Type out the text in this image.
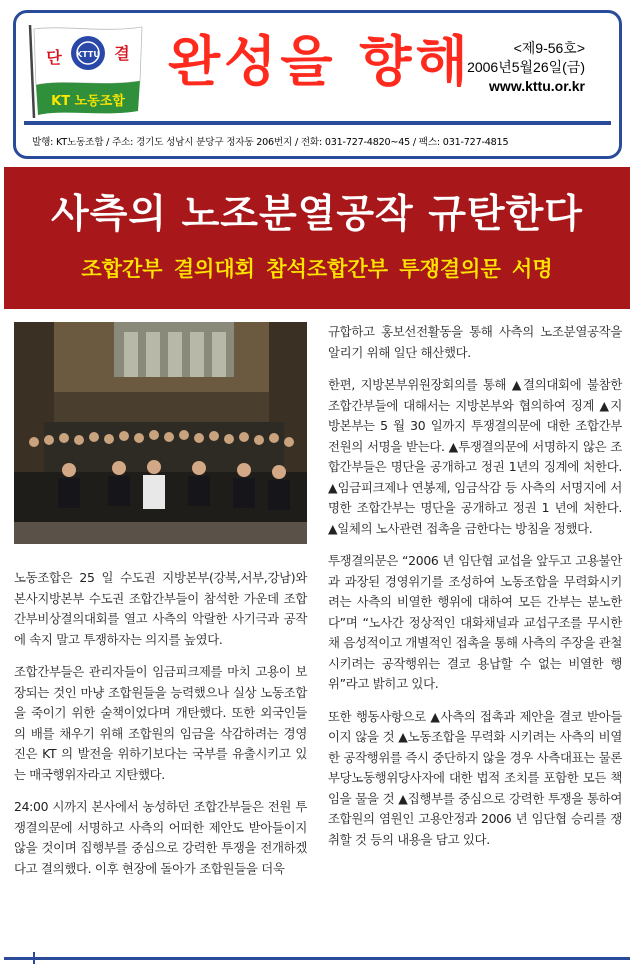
KTTU
단	결
KT 노동조합
완성을 향해	<제9-56호>
2006년5월26일(금)
www.kttu.or.kr
발행: KT노동조합 / 주소: 경기도 성남시 분당구 정자동 206번지 / 전화: 031-727-4820~45 / 팩스: 031-727-4815
사측의 노조분열공작 규탄한다
조합간부 결의대회 참석조합간부 투쟁결의문 서명

노동조합은 25 일 수도권 지방본부(강북,서부,강남)와 본사지방본부 수도권 조합간부들이 참석한 가운데 조합간부비상결의대회를 열고 사측의 악랄한 사기극과 공작에 속지 말고 투쟁하자는 의지를 높였다.

조합간부들은 관리자들이 임금피크제를 마치 고용이 보장되는 것인 마냥 조합원들을 능력했으나 실상 노동조합을 죽이기 위한 술책이었다며 개탄했다. 또한 외국인들의 배를 채우기 위해 조합원의 임금을 삭감하려는 경영진은 KT 의 발전을 위하기보다는 국부를 유출시키고 있는 매국행위자라고 지탄했다.

24:00 시까지 본사에서 농성하던 조합간부들은 전원 투쟁결의문에 서명하고 사측의 어떠한 제안도 받아들이지 않을 것이며 집행부를 중심으로 강력한 투쟁을 전개하겠다고 결의했다. 이후 현장에 돌아가 조합원들을 더욱

규합하고 홍보선전활동을 통해 사측의 노조분열공작을 알리기 위해 일단 해산했다.

한편, 지방본부위원장회의를 통해 ▲결의대회에 불참한 조합간부들에 대해서는 지방본부와 협의하여 징계 ▲지방본부는 5 월 30 일까지 투쟁결의문에 대한 조합간부 전원의 서명을 받는다. ▲투쟁결의문에 서명하지 않은 조합간부들은 명단을 공개하고 정권 1년의 징계에 처한다. ▲임금피크제나 연봉제, 임금삭감 등 사측의 서명지에 서명한 조합간부는 명단을 공개하고 정권 1 년에 처한다. ▲일체의 노사관련 접촉을 금한다는 방침을 정했다.

투쟁결의문은 “2006 년 임단협 교섭을 앞두고 고용불안과 과장된 경영위기를 조성하여 노동조합을 무력화시키려는 사측의 비열한 행위에 대하여 모든 간부는 분노한다”며 “노사간 정상적인 대화채널과 교섭구조를 무시한 채 음성적이고 개별적인 접촉을 통해 사측의 주장을 관철시키려는 공작행위는 결코 용납할 수 없는 비열한 행위”라고 밝히고 있다.

또한 행동사항으로 ▲사측의 접촉과 제안을 결코 받아들이지 않을 것 ▲노동조합을 무력화 시키려는 사측의 비열한 공작행위를 즉시 중단하지 않을 경우 사측대표는 물론 부당노동행위당사자에 대한 법적 조치를 포함한 모든 책임을 물을 것 ▲집행부를 중심으로 강력한 투쟁을 통하여 조합원의 염원인 고용안정과 2006 년 임단협 승리를 쟁취할 것 등의 내용을 담고 있다.
